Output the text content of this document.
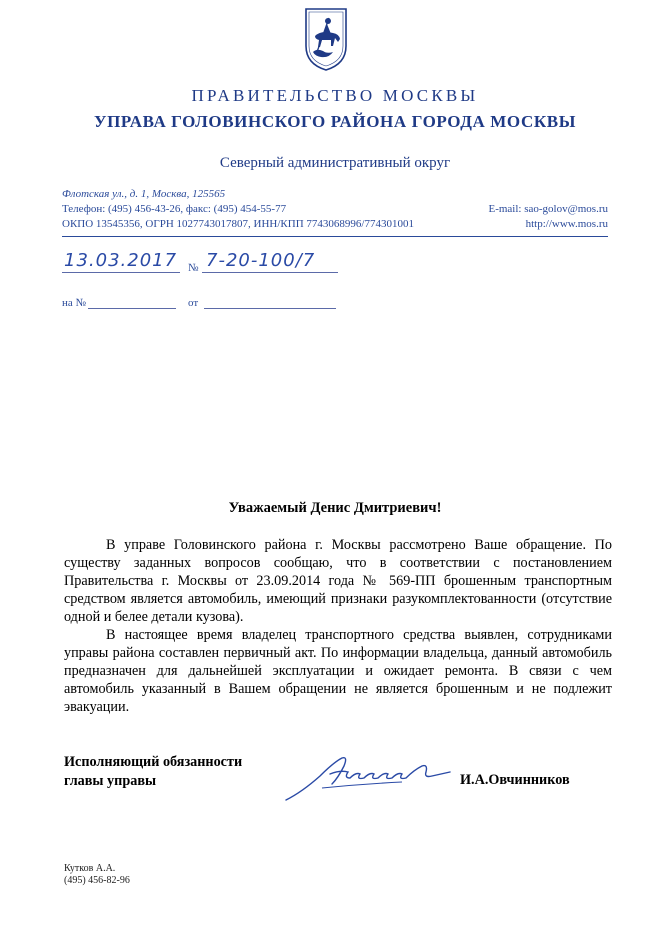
ПРАВИТЕЛЬСТВО МОСКВЫ
УПРАВА ГОЛОВИНСКОГО РАЙОНА ГОРОДА МОСКВЫ
Северный административный округ
Флотская ул., д. 1, Москва, 125565
Телефон: (495) 456-43-26, факс: (495) 454-55-77
ОКПО 13545356, ОГРН 1027743017807, ИНН/КПП 7743068996/774301001
E-mail: sao-golov@mos.ru
http://www.mos.ru
13.03.2017 № 7-20-100/7
на №	от
Уважаемый Денис Дмитриевич!

В управе Головинского района г. Москвы рассмотрено Ваше обращение. По существу заданных вопросов сообщаю, что в соответствии с постановлением Правительства г. Москвы от 23.09.2014 года № 569-ПП брошенным транспортным средством является автомобиль, имеющий признаки разукомплектованности (отсутствие одной и белее детали кузова).

В настоящее время владелец транспортного средства выявлен, сотрудниками управы района составлен первичный акт. По информации владельца, данный автомобиль предназначен для дальнейшей эксплуатации и ожидает ремонта. В связи с чем автомобиль указанный в Вашем обращении не является брошенным и не подлежит эвакуации.

Исполняющий обязанности
главы управы	И.А.Овчинников
Кутков А.А.
(495) 456-82-96
